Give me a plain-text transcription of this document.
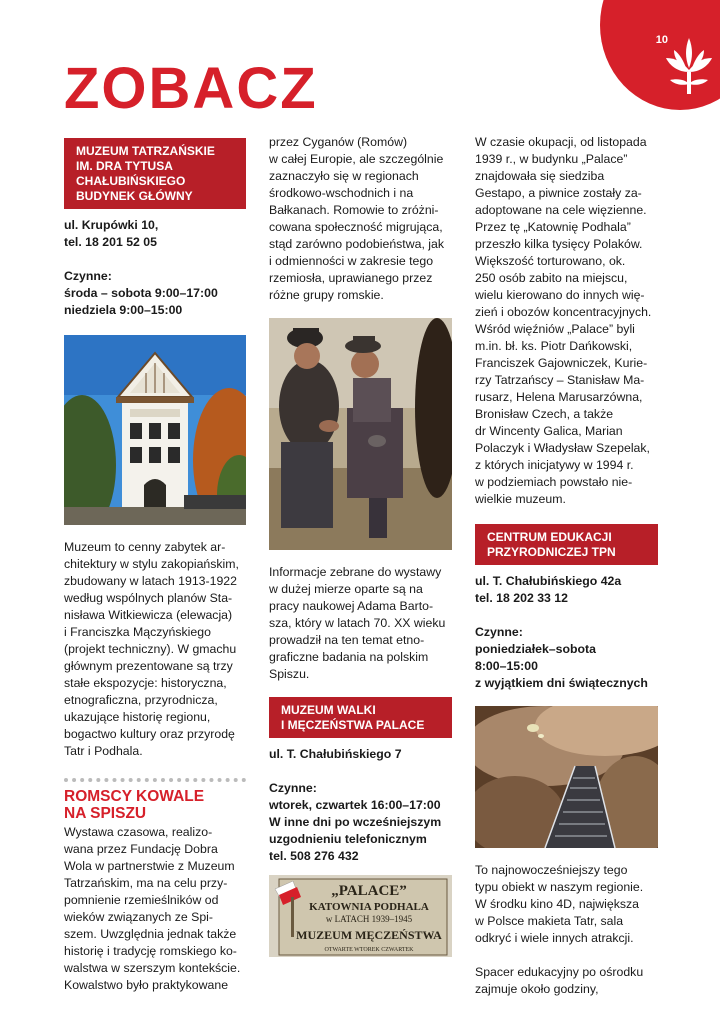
10
ZOBACZ
MUZEUM TATRZAŃSKIE
IM. DRA TYTUSA
CHAŁUBIŃSKIEGO
BUDYNEK GŁÓWNY

ul. Krupówki 10,

tel. 18 201 52 05

Czynne:

środa – sobota 9:00–17:00

niedziela 9:00–15:00

Muzeum to cenny zabytek ar-

chitektury w stylu zakopiańskim,

zbudowany w latach 1913-1922

według wspólnych planów Sta-

nisława Witkiewicza (elewacja)

i Franciszka Mączyńskiego

(projekt techniczny). W gmachu

głównym prezentowane są trzy

stałe ekspozycje: historyczna,

etnograficzna, przyrodnicza,

ukazujące historię regionu,

bogactwo kultury oraz przyrodę

Tatr i Podhala.

ROMSCY KOWALE

NA SPISZU

Wystawa czasowa, realizo-

wana przez Fundację Dobra

Wola w partnerstwie z Muzeum

Tatrzańskim, ma na celu przy-

pomnienie rzemieślników od

wieków związanych ze Spi-

szem. Uwzględnia jednak także

historię i tradycję romskiego ko-

walstwa w szerszym kontekście.

Kowalstwo było praktykowane

przez Cyganów (Romów)

w całej Europie, ale szczególnie

zaznaczyło się w regionach

środkowo-wschodnich i na

Bałkanach. Romowie to zróżni-

cowana społeczność migrująca,

stąd zarówno podobieństwa, jak

i odmienności w zakresie tego

rzemiosła, uprawianego przez

różne grupy romskie.

Informacje zebrane do wystawy

w dużej mierze oparte są na

pracy naukowej Adama Barto-

sza, który w latach 70. XX wieku

prowadził na ten temat etno-

graficzne badania na polskim

Spiszu.

MUZEUM WALKI
I MĘCZEŃSTWA PALACE

ul. T. Chałubińskiego 7

Czynne:

wtorek, czwartek 16:00–17:00

W inne dni po wcześniejszym

uzgodnieniu telefonicznym

tel. 508 276 432

„PALACE”
KATOWNIA PODHALA
w LATACH 1939–1945
MUZEUM MĘCZEŃSTWA
OTWARTE WTOREK CZWARTEK

W czasie okupacji, od listopada

1939 r., w budynku „Palace”

znajdowała się siedziba

Gestapo, a piwnice zostały za-

adoptowane na cele więzienne.

Przez tę „Katownię Podhala”

przeszło kilka tysięcy Polaków.

Większość torturowano, ok.

250 osób zabito na miejscu,

wielu kierowano do innych wię-

zień i obozów koncentracyjnych.

Wśród więźniów „Palace” byli

m.in. bł. ks. Piotr Dańkowski,

Franciszek Gajowniczek, Kurie-

rzy Tatrzańscy – Stanisław Ma-

rusarz, Helena Marusarzówna,

Bronisław Czech, a także

dr Wincenty Galica, Marian

Polaczyk i Władysław Szepelak,

z których inicjatywy w 1994 r.

w podziemiach powstało nie-

wielkie muzeum.

CENTRUM EDUKACJI
PRZYRODNICZEJ TPN

ul. T. Chałubińskiego 42a

tel. 18 202 33 12

Czynne:

poniedziałek–sobota

8:00–15:00

z wyjątkiem dni świątecznych

To najnowocześniejszy tego

typu obiekt w naszym regionie.

W środku kino 4D, największa

w Polsce makieta Tatr, sala

odkryć i wiele innych atrakcji.

Spacer edukacyjny po ośrodku

zajmuje około godziny,
